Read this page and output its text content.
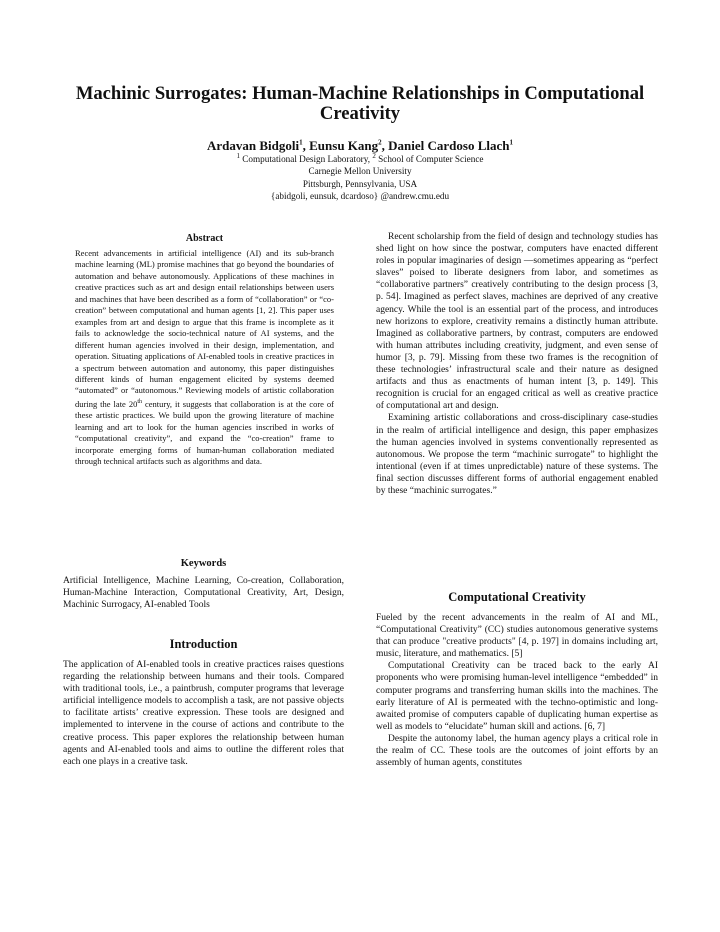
Machinic Surrogates: Human-Machine Relationships in Computational
Creativity
Ardavan Bidgoli$^1$, Eunsu Kang$^2$, Daniel Cardoso Llach$^1$
$^1$ Computational Design Laboratory, $^2$ School of Computer Science
Carnegie Mellon University
Pittsburgh, Pennsylvania, USA
{abidgoli, eunsuk, dcardoso} @andrew.cmu.edu
Abstract
Recent advancements in artificial intelligence (AI) and its sub-branch machine learning (ML) promise machines that go beyond the boundaries of automation and behave autonomously. Applications of these machines in creative practices such as art and design entail relationships between users and machines that have been described as a form of “collaboration” or “co-creation” between computational and human agents [1, 2]. This paper uses examples from art and design to argue that this frame is incomplete as it fails to acknowledge the socio-technical nature of AI systems, and the different human agencies involved in their design, implementation, and operation. Situating applications of AI-enabled tools in creative practices in a spectrum between automation and autonomy, this paper distinguishes different kinds of human engagement elicited by systems deemed “automated” or “autonomous.” Reviewing models of artistic collaboration during the late 20th century, it suggests that collaboration is at the core of these artistic practices. We build upon the growing literature of machine learning and art to look for the human agencies inscribed in works of “computational creativity”, and expand the “co-creation” frame to incorporate emerging forms of human-human collaboration mediated through technical artifacts such as algorithms and data.
Keywords
Artificial Intelligence, Machine Learning, Co-creation, Collaboration, Human-Machine Interaction, Computational Creativity, Art, Design, Machinic Surrogacy, AI-enabled Tools
Introduction

The application of AI-enabled tools in creative practices raises questions regarding the relationship between humans and their tools. Compared with traditional tools, i.e., a paintbrush, computer programs that leverage artificial intelligence models to accomplish a task, are not passive objects to facilitate artists’ creative expression. These tools are designed and implemented to intervene in the course of actions and contribute to the creative process. This paper explores the relationship between human agents and AI-enabled tools and aims to outline the different roles that each one plays in a creative task.

Recent scholarship from the field of design and technology studies has shed light on how since the postwar, computers have enacted different roles in popular imaginaries of design —sometimes appearing as “perfect slaves” poised to liberate designers from labor, and sometimes as “collaborative partners” creatively contributing to the design process [3, p. 54]. Imagined as perfect slaves, machines are deprived of any creative agency. While the tool is an essential part of the process, and introduces new horizons to explore, creativity remains a distinctly human attribute. Imagined as collaborative partners, by contrast, computers are endowed with human attributes including creativity, judgment, and even sense of humor [3, p. 79]. Missing from these two frames is the recognition of these technologies’ infrastructural scale and their nature as designed artifacts and thus as enactments of human intent [3, p. 149]. This recognition is crucial for an engaged critical as well as creative practice of computational art and design.

Examining artistic collaborations and cross-disciplinary case-studies in the realm of artificial intelligence and design, this paper emphasizes the human agencies involved in systems conventionally represented as autonomous. We propose the term “machinic surrogate” to highlight the intentional (even if at times unpredictable) nature of these systems. The final section discusses different forms of authorial engagement enabled by these “machinic surrogates.”

Computational Creativity

Fueled by the recent advancements in the realm of AI and ML, “Computational Creativity” (CC) studies autonomous generative systems that can produce "creative products" [4, p. 197] in domains including art, music, literature, and mathematics. [5]

Computational Creativity can be traced back to the early AI proponents who were promising human-level intelligence “embedded” in computer programs and transferring human skills into the machines. The early literature of AI is permeated with the techno-optimistic and long-awaited promise of computers capable of duplicating human expertise as well as models to “elucidate” human skill and actions. [6, 7]

Despite the autonomy label, the human agency plays a critical role in the realm of CC. These tools are the outcomes of joint efforts by an assembly of human agents, constitutes
